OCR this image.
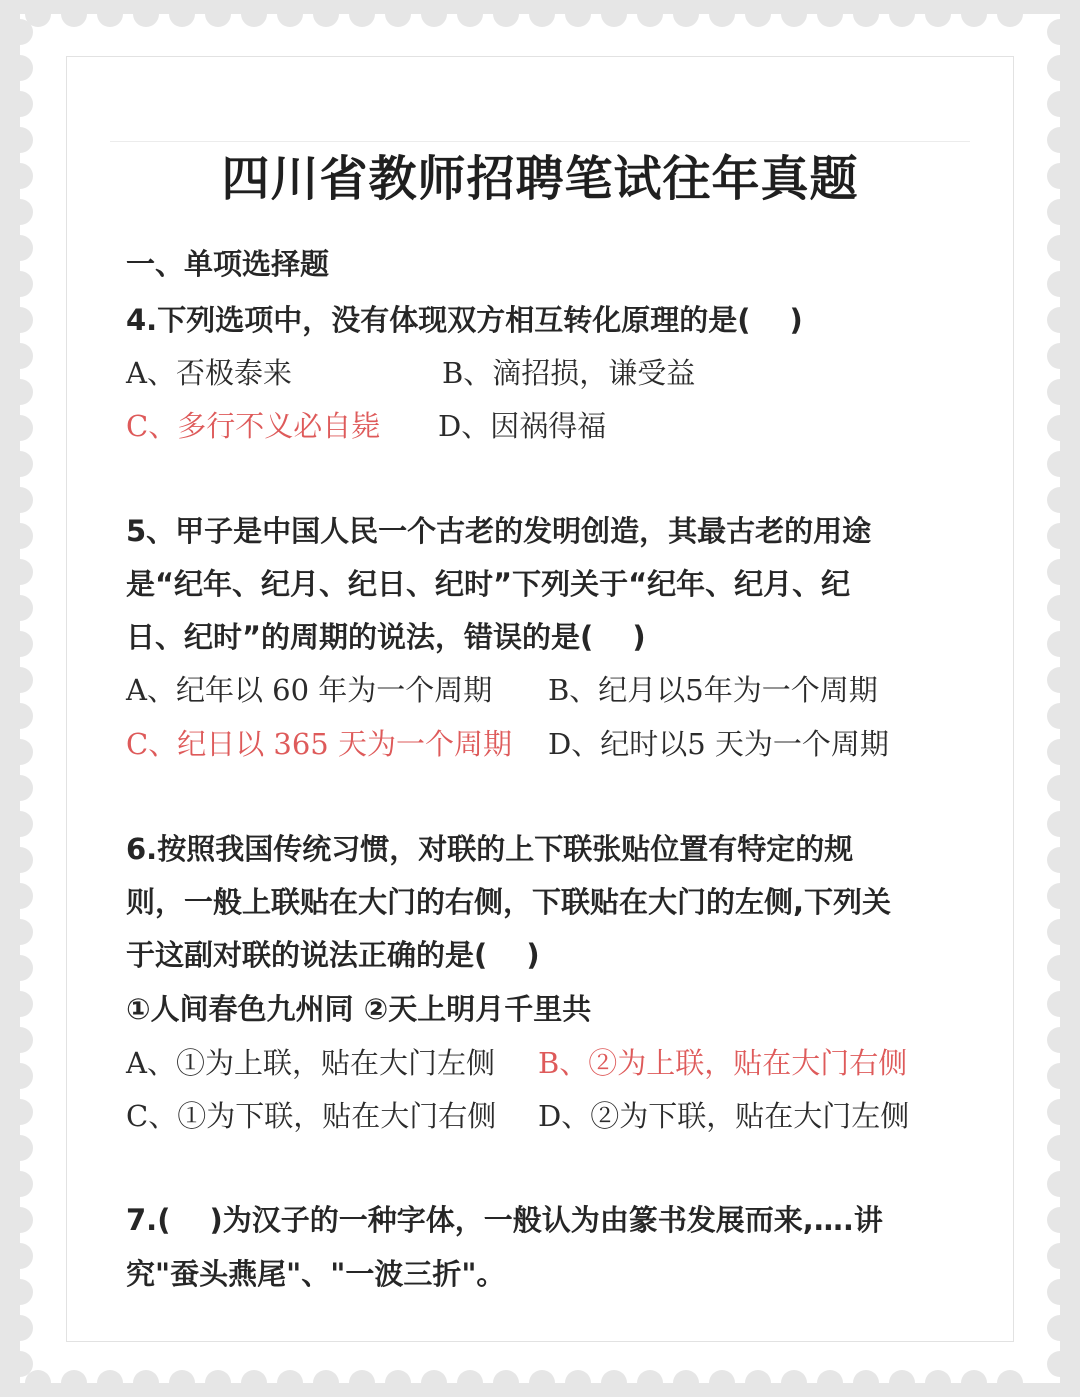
四川省教师招聘笔试往年真题
一、单项选择题
4.下列选项中，没有体现双方相互转化原理的是(　 )
A、否极泰来	B、滴招损，谦受益
C、多行不义必自毙 D、因祸得福
5、甲子是中国人民一个古老的发明创造，其最古老的用途
是“纪年、纪月、纪日、纪时”下列关于“纪年、纪月、纪
日、纪时”的周期的说法，错误的是(　 )
A、纪年以 60 年为一个周期 B、纪月以5年为一个周期
C、纪日以 365 天为一个周期 D、纪时以5 天为一个周期
6.按照我国传统习惯，对联的上下联张贴位置有特定的规
则，一般上联贴在大门的右侧，下联贴在大门的左侧,下列关
于这副对联的说法正确的是(　 )
①人间春色九州同 ②天上明月千里共
A、①为上联，贴在大门左侧 B、②为上联，贴在大门右侧
C、①为下联，贴在大门右侧 D、②为下联，贴在大门左侧
7.(　 )为汉子的一种字体，一般认为由篆书发展而来,….讲
究"蚕头燕尾"、"一波三折"。
